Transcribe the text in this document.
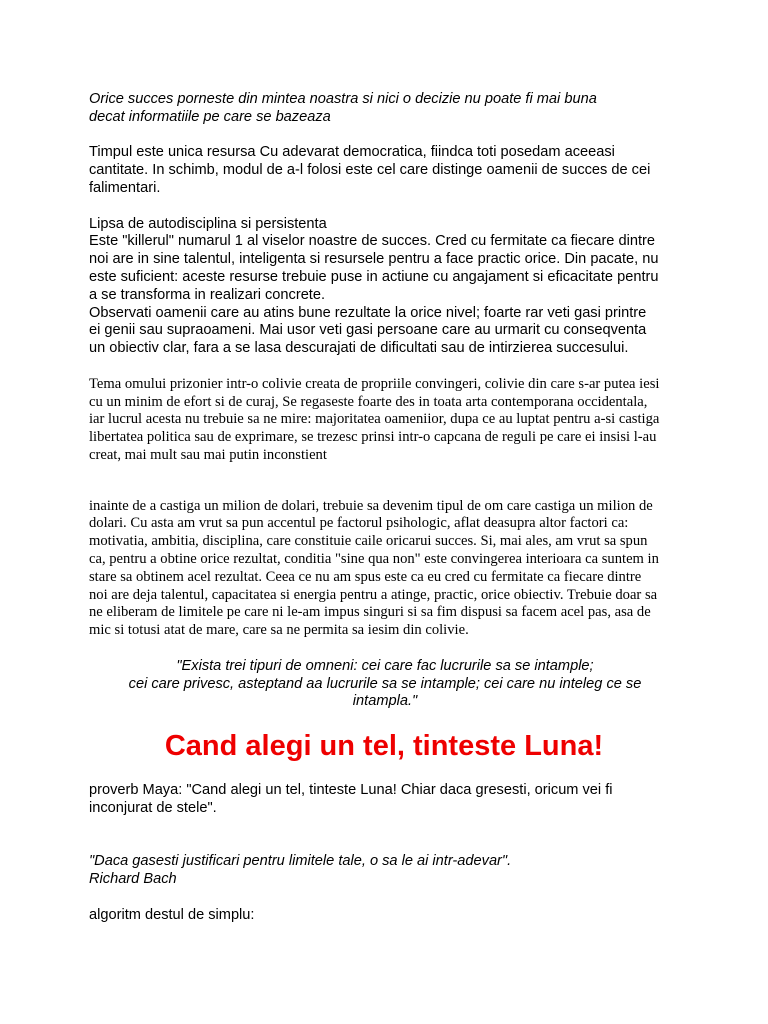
Orice succes porneste din mintea noastra si nici o decizie nu poate fi mai buna

decat informatiile pe care se bazeaza

Timpul este unica resursa Cu adevarat democratica, fiindca toti posedam aceeasi

cantitate. In schimb, modul de a-l folosi este cel care distinge oamenii de succes de cei

falimentari.

Lipsa de autodisciplina si persistenta

Este "killerul" numarul 1 al viselor noastre de succes. Cred cu fermitate ca fiecare dintre

noi are in sine talentul, inteligenta si resursele pentru a face practic orice. Din pacate, nu

este suficient: aceste resurse trebuie puse in actiune cu angajament si eficacitate pentru

a se transforma in realizari concrete.

Observati oamenii care au atins bune rezultate la orice nivel; foarte rar veti gasi printre

ei genii sau supraoameni. Mai usor veti gasi persoane care au urmarit cu conseqventa

un obiectiv clar, fara a se lasa descurajati de dificultati sau de intirzierea succesului.

Tema omului prizonier intr-o colivie creata de propriile convingeri, colivie din care s-ar putea iesi

cu un minim de efort si de curaj, Se regaseste foarte des in toata arta contemporana occidentala,

iar lucrul acesta nu trebuie sa ne mire: majoritatea oameniior, dupa ce au luptat pentru a-si castiga

libertatea politica sau de exprimare, se trezesc prinsi intr-o capcana de reguli pe care ei insisi l-au

creat, mai mult sau mai putin inconstient

inainte de a castiga un milion de dolari, trebuie sa devenim tipul de om care castiga un milion de

dolari. Cu asta am vrut sa pun accentul pe factorul psihologic, aflat deasupra altor factori ca:

motivatia, ambitia, disciplina, care constituie caile oricarui succes. Si, mai ales, am vrut sa spun

ca, pentru a obtine orice rezultat, conditia "sine qua non" este convingerea interioara ca suntem in

stare sa obtinem acel rezultat. Ceea ce nu am spus este ca eu cred cu fermitate ca fiecare dintre

noi are deja talentul, capacitatea si energia pentru a atinge, practic, orice obiectiv. Trebuie doar sa

ne eliberam de limitele pe care ni le-am impus singuri si sa fim dispusi sa facem acel pas, asa de

mic si totusi atat de mare, care sa ne permita sa iesim din colivie.

"Exista trei tipuri de omneni: cei care fac lucrurile sa se intample;

cei care privesc, asteptand aa lucrurile sa se intample; cei care nu inteleg ce se

intampla."

Cand alegi un tel, tinteste Luna!

proverb Maya: "Cand alegi un tel, tinteste Luna! Chiar daca gresesti, oricum vei fi

inconjurat de stele".

"Daca gasesti justificari pentru limitele tale, o sa le ai intr-adevar".

Richard Bach

algoritm destul de simplu:
